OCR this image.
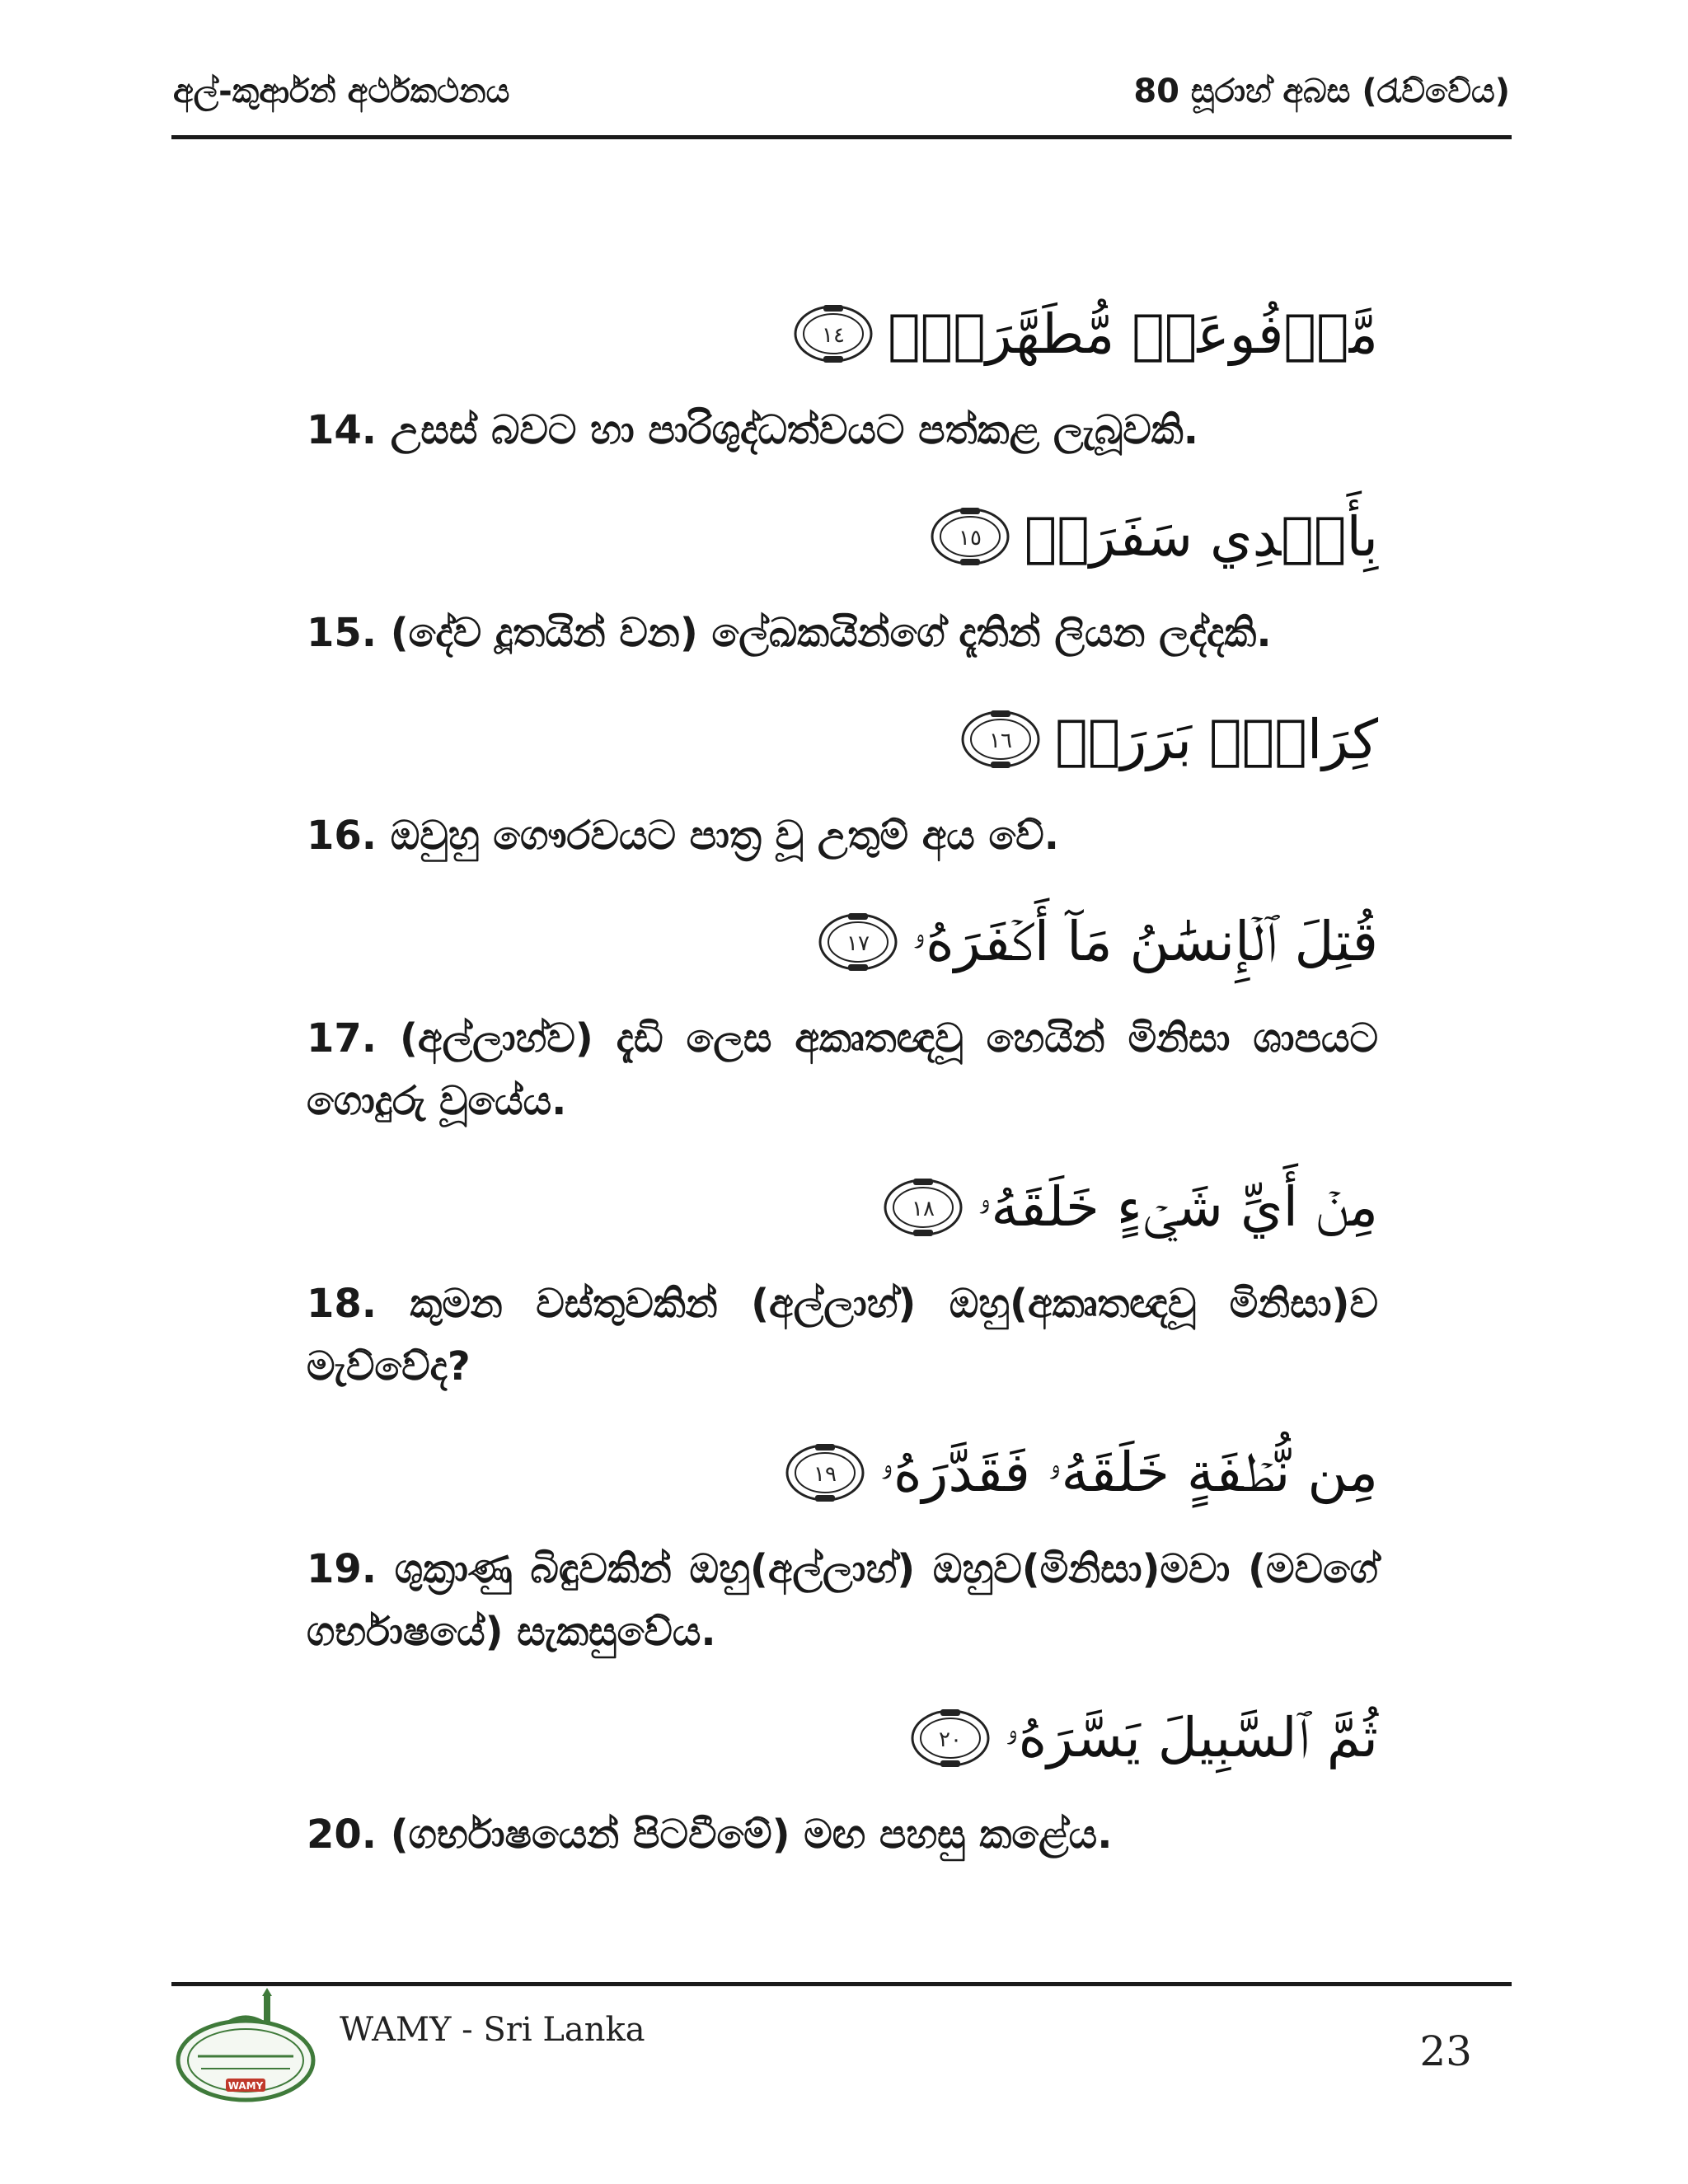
අල්-කුර්ආන් අර්ථකථනය	80 සූරාහ් අබස (රැව්වේය)
١٤ مَّرۡفُوعَةٖ مُّطَهَّرَةِۭ
14. උසස් බවට හා පාරිශුද්ධත්වයට පත්කළ ලැබූවකි.
١٥ بِأَيۡدِي سَفَرَةٖ
15. (දේව දූතයින් වන) ලේඛකයින්ගේ දෑතින් ලියන ලද්දකි.
١٦ كِرَامِۭ بَرَرَةٖ
16. ඔවුහු ගෞරවයට පාත්‍ර වූ උතුම් අය වේ.
١٧ قُتِلَ ٱلۡإِنسَٰنُ مَآ أَكۡفَرَهُۥ
17. (අල්ලාහ්ව) දැඩි ලෙස අකෘතඥවූ හෙයින් මිනිසා ශාපයට ගොදුරු වූයේය.
١٨ مِنۡ أَيِّ شَيۡءٍ خَلَقَهُۥ
18. කුමන වස්තුවකින් (අල්ලාහ්) ඔහු(අකෘතඥවූ මිනිසා)ව මැව්වේද?
١٩ مِن نُّطۡفَةٍ خَلَقَهُۥ فَقَدَّرَهُۥ
19. ශුක්‍රාණු බිඳුවකින් ඔහු(අල්ලාහ්) ඔහුව(මිනිසා)මවා (මවගේ ගර්භාෂයේ) සැකසුවේය.
٢٠ ثُمَّ ٱلسَّبِيلَ يَسَّرَهُۥ
20. (ගර්භාෂයෙන් පිටවීමේ) මඟ පහසු කළේය.
WAMY
WAMY - Sri Lanka	23
